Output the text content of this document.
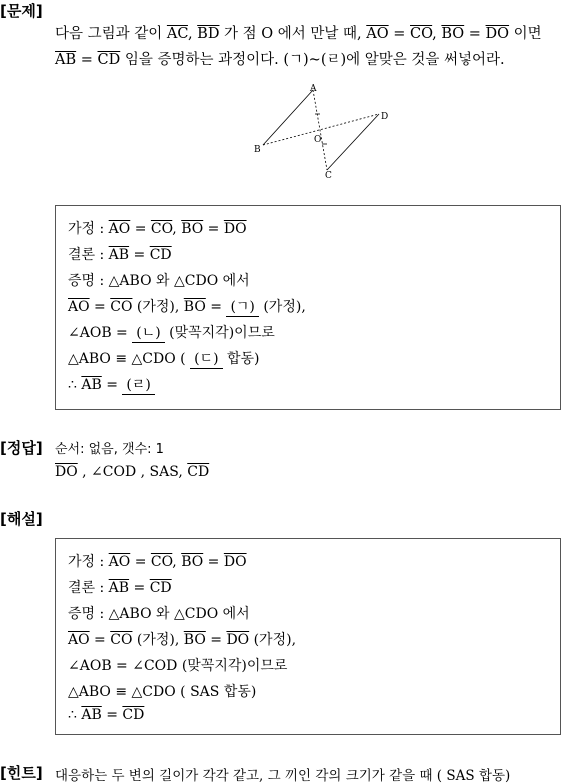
[문제]
다음 그림과 같이 $\overline{AC}$, $\overline{BD}$ 가 점 O 에서 만날 때, $\overline{AO} = \overline{CO}$, $\overline{BO} = \overline{DO}$ 이면
$\overline{AB} = \overline{CD}$ 임을 증명하는 과정이다. (ㄱ)~(ㄹ)에 알맞은 것을 써넣어라.
A
B
C
D
O
가정 : $\overline{AO} = \overline{CO}$, $\overline{BO} = \overline{DO}$
결론 : $\overline{AB} = \overline{CD}$
증명 : △ABO 와 △CDO 에서
$\overline{AO} = \overline{CO}$ (가정), $\overline{BO}$ = (ㄱ) (가정),
∠AOB = (ㄴ) (맞꼭지각)이므로
△ABO ≡ △CDO ( (ㄷ) 합동)
∴ $\overline{AB}$ = (ㄹ)
[정답] 순서: 없음, 갯수: 1
$\overline{DO}$ , ∠COD , SAS, $\overline{CD}$
[해설]
가정 : $\overline{AO} = \overline{CO}$, $\overline{BO} = \overline{DO}$
결론 : $\overline{AB} = \overline{CD}$
증명 : △ABO 와 △CDO 에서
$\overline{AO} = \overline{CO}$ (가정), $\overline{BO} = \overline{DO}$ (가정),
∠AOB = ∠COD (맞꼭지각)이므로
△ABO ≡ △CDO ( SAS 합동)
∴ $\overline{AB} = \overline{CD}$
[힌트] 대응하는 두 변의 길이가 각각 같고, 그 끼인 각의 크기가 같을 때 ( SAS 합동)
